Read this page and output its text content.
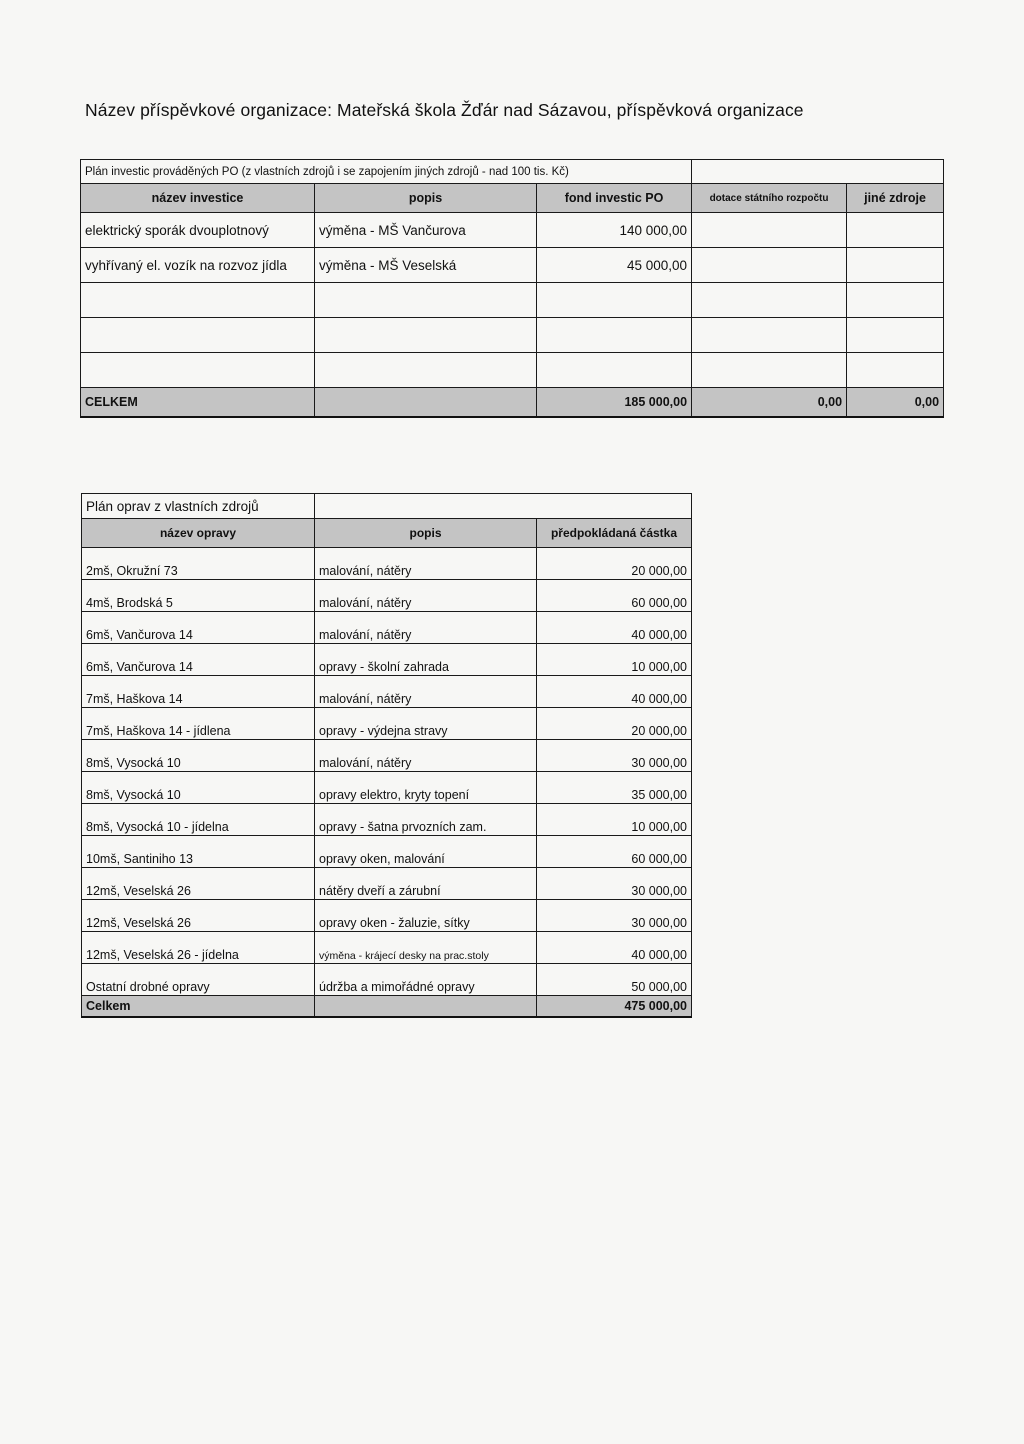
Název příspěvkové organizace: Mateřská škola Žďár nad Sázavou, příspěvková organizace
Plán investic prováděných PO (z vlastních zdrojů i se zapojením jiných zdrojů - nad 100 tis. Kč)				
název investice	popis	fond investic PO	dotace státního rozpočtu	jiné zdroje
elektrický sporák dvouplotnový	výměna - MŠ Vančurova	140 000,00		
vyhřívaný el. vozík na rozvoz jídla	výměna - MŠ Veselská	45 000,00		

CELKEM		185 000,00	0,00	0,00
Plán oprav z vlastních zdrojů		
název opravy	popis	předpokládaná částka
2mš, Okružní 73	malování, nátěry	20 000,00
4mš, Brodská 5	malování, nátěry	60 000,00
6mš, Vančurova 14	malování, nátěry	40 000,00
6mš, Vančurova 14	opravy - školní zahrada	10 000,00
7mš, Haškova 14	malování, nátěry	40 000,00
7mš, Haškova 14 - jídlena	opravy - výdejna stravy	20 000,00
8mš, Vysocká 10	malování, nátěry	30 000,00
8mš, Vysocká 10	opravy elektro, kryty topení	35 000,00
8mš, Vysocká 10 - jídelna	opravy - šatna prvozních zam.	10 000,00
10mš, Santiniho 13	opravy oken, malování	60 000,00
12mš, Veselská 26	nátěry dveří a zárubní	30 000,00
12mš, Veselská 26	opravy oken - žaluzie, sítky	30 000,00
12mš, Veselská 26 - jídelna	výměna - krájecí desky na prac.stoly	40 000,00
Ostatní drobné opravy	údržba a mimořádné opravy	50 000,00
Celkem		475 000,00
